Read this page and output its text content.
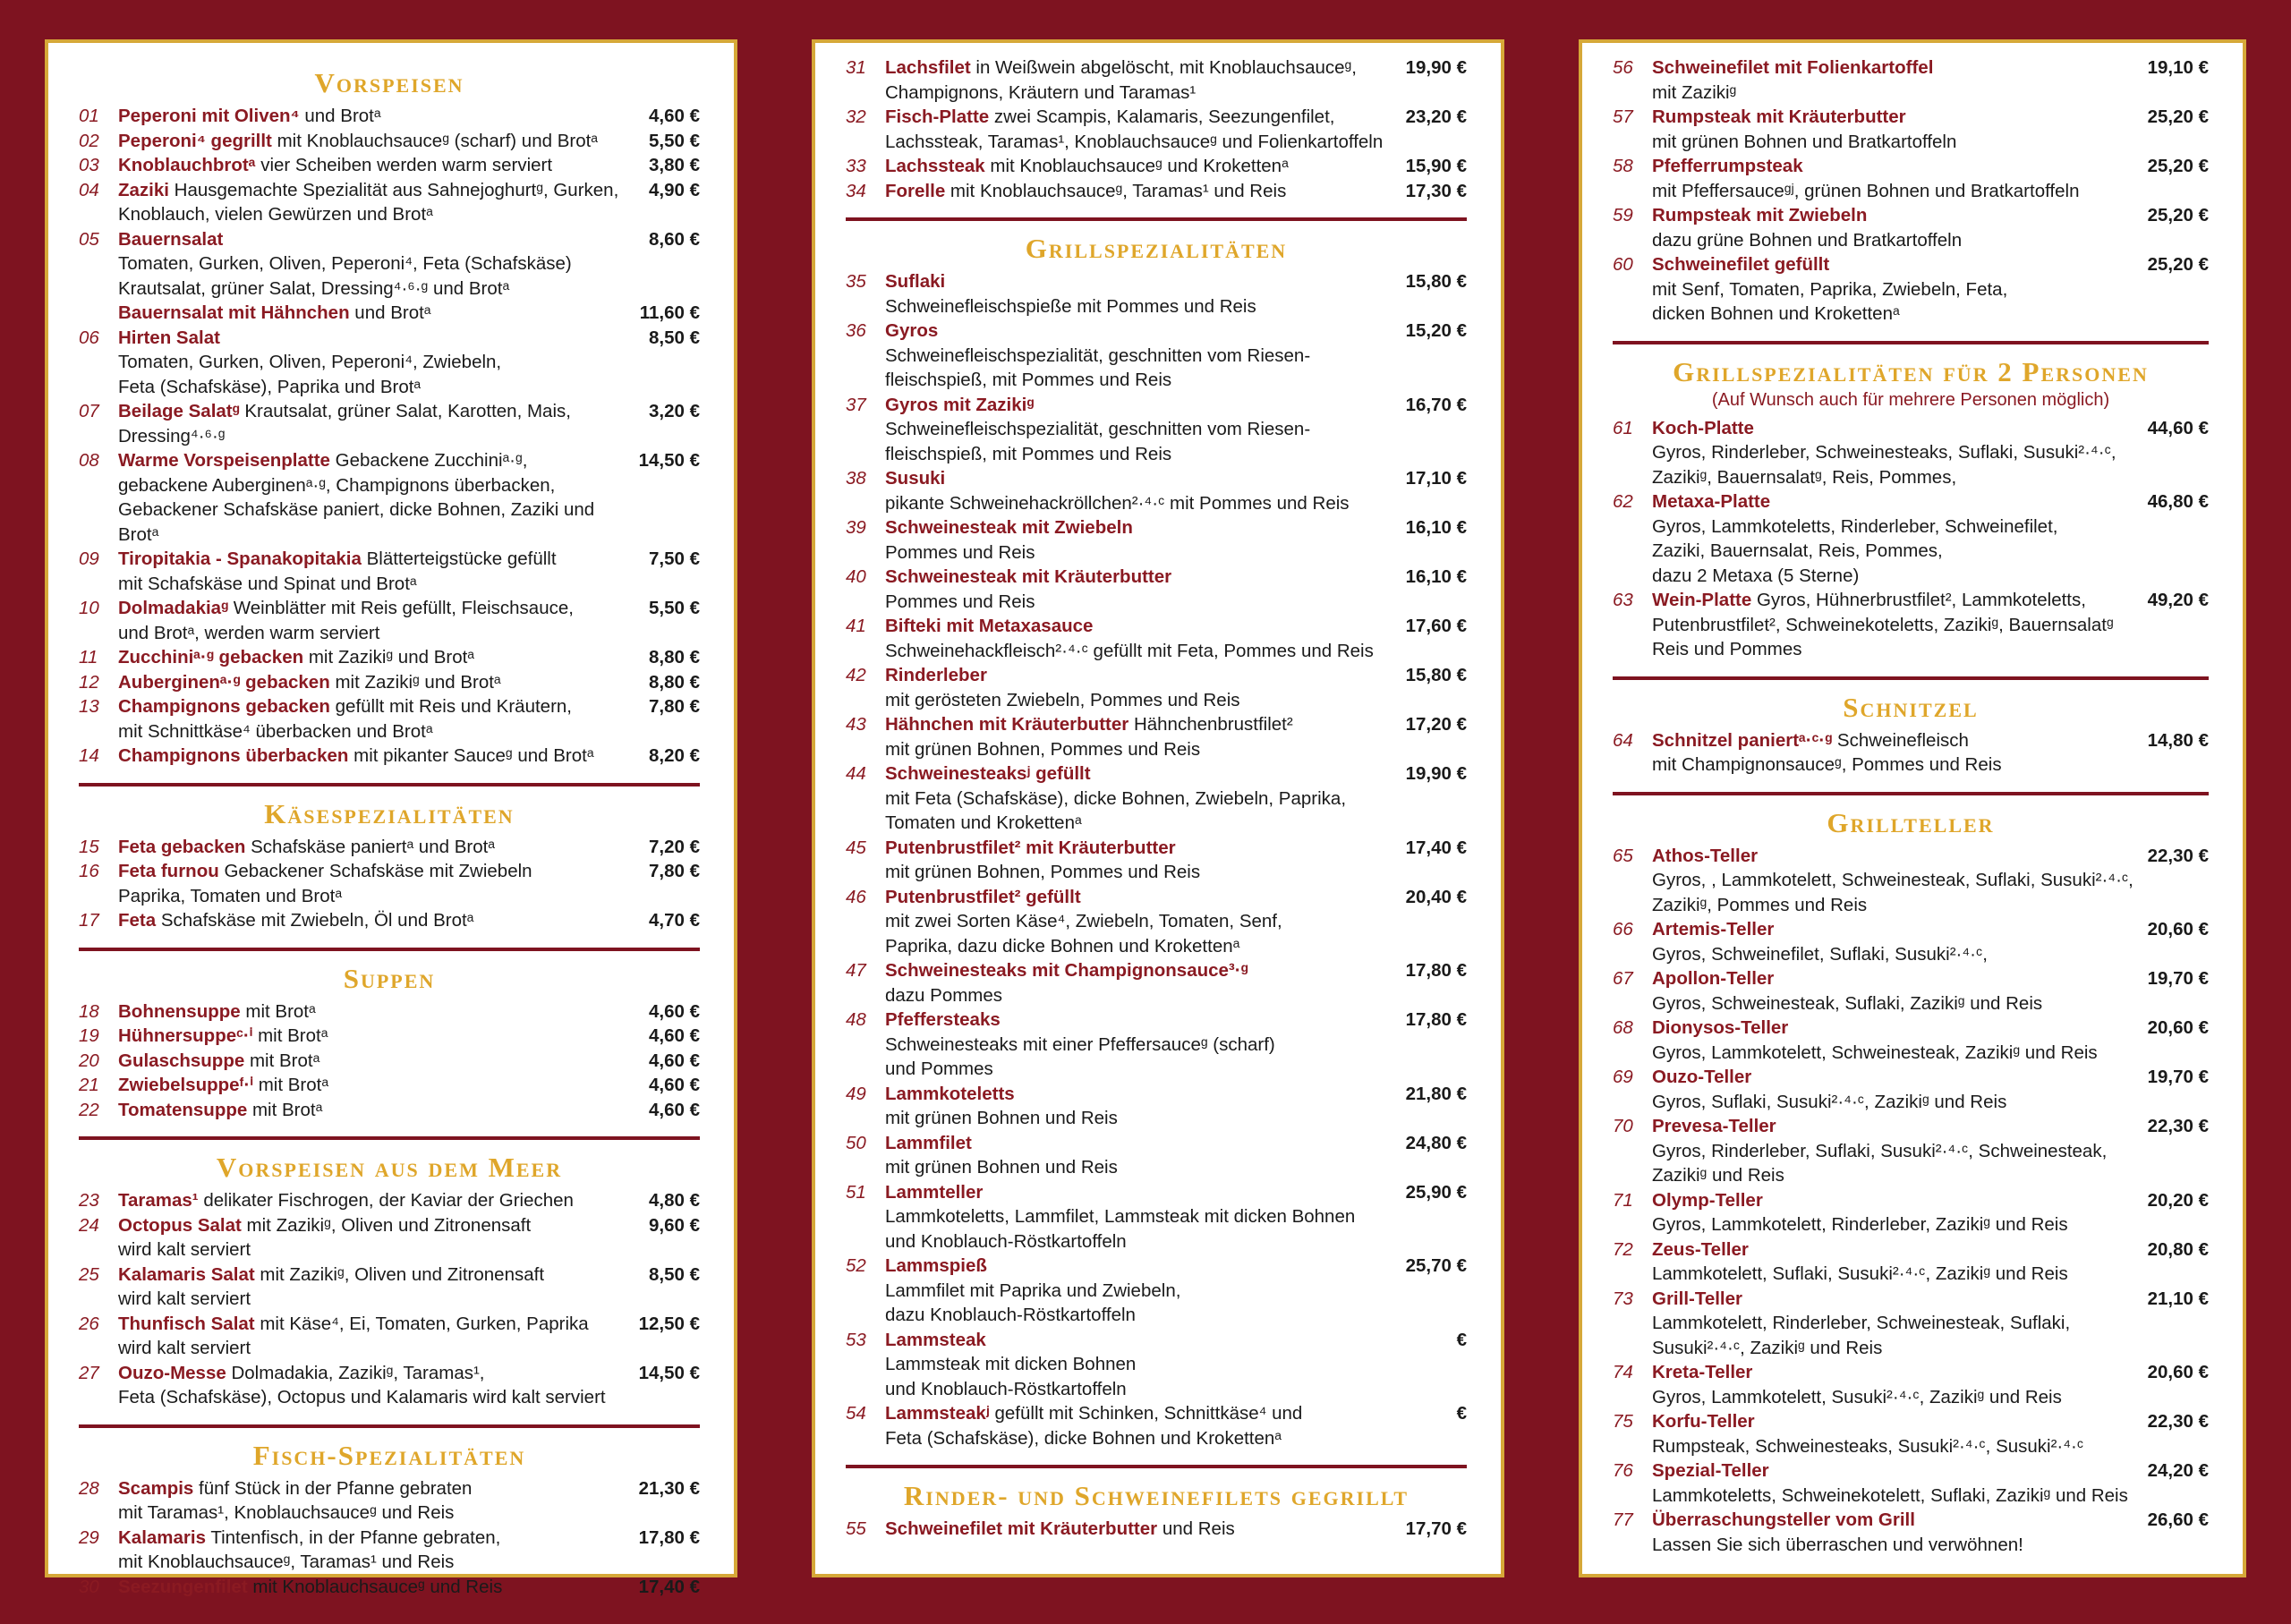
Vorspeisen
01	Peperoni mit Oliven⁴ und Brotᵃ	4,60 €
02	Peperoni⁴ gegrillt mit Knoblauchsauceᵍ (scharf) und Brotᵃ	5,50 €
03	Knoblauchbrotᵃ vier Scheiben werden warm serviert	3,80 €
04	Zaziki Hausgemachte Spezialität aus Sahnejoghurtᵍ, Gurken,
Knoblauch, vielen Gewürzen und Brotᵃ
4,90 €
05	Bauernsalat
Tomaten, Gurken, Oliven, Peperoni⁴, Feta (Schafskäse)
Krautsalat, grüner Salat, Dressing⁴·⁶·ᵍ und Brotᵃ
8,60 €
Bauernsalat mit Hähnchen und Brotᵃ	11,60 €
06	Hirten Salat
Tomaten, Gurken, Oliven, Peperoni⁴, Zwiebeln,
Feta (Schafskäse), Paprika und Brotᵃ
8,50 €
07	Beilage Salatᵍ Krautsalat, grüner Salat, Karotten, Mais,
Dressing⁴·⁶·ᵍ
3,20 €
08	Warme Vorspeisenplatte Gebackene Zucchiniᵃ·ᵍ,
gebackene Auberginenᵃ·ᵍ, Champignons überbacken,
Gebackener Schafskäse paniert, dicke Bohnen, Zaziki und Brotᵃ
14,50 €
09	Tiropitakia - Spanakopitakia Blätterteigstücke gefüllt
mit Schafskäse und Spinat und Brotᵃ
7,50 €
10	Dolmadakiaᵍ Weinblätter mit Reis gefüllt, Fleischsauce,
und Brotᵃ, werden warm serviert
5,50 €
11	Zucchiniᵃ·ᵍ gebacken mit Zazikiᵍ und Brotᵃ	8,80 €
12	Auberginenᵃ·ᵍ gebacken mit Zazikiᵍ und Brotᵃ	8,80 €
13	Champignons gebacken gefüllt mit Reis und Kräutern,
mit Schnittkäse⁴ überbacken und Brotᵃ
7,80 €
14	Champignons überbacken mit pikanter Sauceᵍ und Brotᵃ	8,20 €
Käsespezialitäten
15	Feta gebacken Schafskäse paniertᵃ und Brotᵃ	7,20 €
16	Feta furnou Gebackener Schafskäse mit Zwiebeln
Paprika, Tomaten und Brotᵃ
7,80 €
17	Feta Schafskäse mit Zwiebeln, Öl und Brotᵃ	4,70 €
Suppen
18	Bohnensuppe mit Brotᵃ	4,60 €
19	Hühnersuppeᶜ·ⁱ mit Brotᵃ	4,60 €
20	Gulaschsuppe mit Brotᵃ	4,60 €
21	Zwiebelsuppeᶠ·ⁱ mit Brotᵃ	4,60 €
22	Tomatensuppe mit Brotᵃ	4,60 €
Vorspeisen aus dem Meer
23	Taramas¹ delikater Fischrogen, der Kaviar der Griechen	4,80 €
24	Octopus Salat mit Zazikiᵍ, Oliven und Zitronensaft
wird kalt serviert
9,60 €
25	Kalamaris Salat mit Zazikiᵍ, Oliven und Zitronensaft
wird kalt serviert
8,50 €
26	Thunfisch Salat mit Käse⁴, Ei, Tomaten, Gurken, Paprika
wird kalt serviert
12,50 €
27	Ouzo-Messe Dolmadakia, Zazikiᵍ, Taramas¹,
Feta (Schafskäse), Octopus und Kalamaris wird kalt serviert
14,50 €
Fisch-Spezialitäten
28	Scampis fünf Stück in der Pfanne gebraten
mit Taramas¹, Knoblauchsauceᵍ und Reis
21,30 €
29	Kalamaris Tintenfisch, in der Pfanne gebraten,
mit Knoblauchsauceᵍ, Taramas¹ und Reis
17,80 €
30	Seezungenfilet mit Knoblauchsauceᵍ und Reis	17,40 €
31	Lachsfilet in Weißwein abgelöscht, mit Knoblauchsauceᵍ,
Champignons, Kräutern und Taramas¹
19,90 €
32	Fisch-Platte zwei Scampis, Kalamaris, Seezungenfilet,
Lachssteak, Taramas¹, Knoblauchsauceᵍ und Folienkartoffeln
23,20 €
33	Lachssteak mit Knoblauchsauceᵍ und Krokettenᵃ	15,90 €
34	Forelle mit Knoblauchsauceᵍ, Taramas¹ und Reis	17,30 €
Grillspezialitäten
35	Suflaki
Schweinefleischspieße mit Pommes und Reis
15,80 €
36	Gyros
Schweinefleischspezialität, geschnitten vom Riesen-
fleischspieß, mit Pommes und Reis
15,20 €
37	Gyros mit Zazikiᵍ
Schweinefleischspezialität, geschnitten vom Riesen-
fleischspieß, mit Pommes und Reis
16,70 €
38	Susuki
pikante Schweinehackröllchen²·⁴·ᶜ mit Pommes und Reis
17,10 €
39	Schweinesteak mit Zwiebeln
Pommes und Reis
16,10 €
40	Schweinesteak mit Kräuterbutter
Pommes und Reis
16,10 €
41	Bifteki mit Metaxasauce
Schweinehackfleisch²·⁴·ᶜ gefüllt mit Feta, Pommes und Reis
17,60 €
42	Rinderleber
mit gerösteten Zwiebeln, Pommes und Reis
15,80 €
43	Hähnchen mit Kräuterbutter Hähnchenbrustfilet²
mit grünen Bohnen, Pommes und Reis
17,20 €
44	Schweinesteaksʲ gefüllt
mit Feta (Schafskäse), dicke Bohnen, Zwiebeln, Paprika,
Tomaten und Krokettenᵃ
19,90 €
45	Putenbrustfilet² mit Kräuterbutter
mit grünen Bohnen, Pommes und Reis
17,40 €
46	Putenbrustfilet² gefüllt
mit zwei Sorten Käse⁴, Zwiebeln, Tomaten, Senf,
Paprika, dazu dicke Bohnen und Krokettenᵃ
20,40 €
47	Schweinesteaks mit Champignonsauce³·ᵍ
dazu Pommes
17,80 €
48	Pfeffersteaks
Schweinesteaks mit einer Pfeffersauceᵍ (scharf)
und Pommes
17,80 €
49	Lammkoteletts
mit grünen Bohnen und Reis
21,80 €
50	Lammfilet
mit grünen Bohnen und Reis
24,80 €
51	Lammteller
Lammkoteletts, Lammfilet, Lammsteak mit dicken Bohnen
und Knoblauch-Röstkartoffeln
25,90 €
52	Lammspieß
Lammfilet mit Paprika und Zwiebeln,
dazu Knoblauch-Röstkartoffeln
25,70 €
53	Lammsteak
Lammsteak mit dicken Bohnen
und Knoblauch-Röstkartoffeln
€
54	Lammsteakʲ gefüllt mit Schinken, Schnittkäse⁴ und
Feta (Schafskäse), dicke Bohnen und Krokettenᵃ
€
Rinder- und Schweinefilets gegrillt
55	Schweinefilet mit Kräuterbutter und Reis	17,70 €
56	Schweinefilet mit Folienkartoffel
mit Zazikiᵍ
19,10 €
57	Rumpsteak mit Kräuterbutter
mit grünen Bohnen und Bratkartoffeln
25,20 €
58	Pfefferrumpsteak
mit Pfeffersauceᵍʲ, grünen Bohnen und Bratkartoffeln
25,20 €
59	Rumpsteak mit Zwiebeln
dazu grüne Bohnen und Bratkartoffeln
25,20 €
60	Schweinefilet gefüllt
mit Senf, Tomaten, Paprika, Zwiebeln, Feta,
dicken Bohnen und Krokettenᵃ
25,20 €
Grillspezialitäten für 2 Personen
(Auf Wunsch auch für mehrere Personen möglich)
61	Koch-Platte
Gyros, Rinderleber, Schweinesteaks, Suflaki, Susuki²·⁴·ᶜ,
Zazikiᵍ, Bauernsalatᵍ, Reis, Pommes,
44,60 €
62	Metaxa-Platte
Gyros, Lammkoteletts, Rinderleber, Schweinefilet,
Zaziki, Bauernsalat, Reis, Pommes,
dazu 2 Metaxa (5 Sterne)
46,80 €
63	Wein-Platte Gyros, Hühnerbrustfilet², Lammkoteletts,
Putenbrustfilet², Schweinekoteletts, Zazikiᵍ, Bauernsalatᵍ
Reis und Pommes
49,20 €
Schnitzel
64	Schnitzel paniertᵃ·ᶜ·ᵍ Schweinefleisch
mit Champignonsauceᵍ, Pommes und Reis
14,80 €
Grillteller
65	Athos-Teller
Gyros, , Lammkotelett, Schweinesteak, Suflaki, Susuki²·⁴·ᶜ,
Zazikiᵍ, Pommes und Reis
22,30 €
66	Artemis-Teller
Gyros, Schweinefilet, Suflaki, Susuki²·⁴·ᶜ,
20,60 €
67	Apollon-Teller
Gyros, Schweinesteak, Suflaki, Zazikiᵍ und Reis
19,70 €
68	Dionysos-Teller
Gyros, Lammkotelett, Schweinesteak, Zazikiᵍ und Reis
20,60 €
69	Ouzo-Teller
Gyros, Suflaki, Susuki²·⁴·ᶜ, Zazikiᵍ und Reis
19,70 €
70	Prevesa-Teller
Gyros, Rinderleber, Suflaki, Susuki²·⁴·ᶜ, Schweinesteak,
Zazikiᵍ und Reis
22,30 €
71	Olymp-Teller
Gyros, Lammkotelett, Rinderleber, Zazikiᵍ und Reis
20,20 €
72	Zeus-Teller
Lammkotelett, Suflaki, Susuki²·⁴·ᶜ, Zazikiᵍ und Reis
20,80 €
73	Grill-Teller
Lammkotelett, Rinderleber, Schweinesteak, Suflaki,
Susuki²·⁴·ᶜ, Zazikiᵍ und Reis
21,10 €
74	Kreta-Teller
Gyros, Lammkotelett, Susuki²·⁴·ᶜ, Zazikiᵍ und Reis
20,60 €
75	Korfu-Teller
Rumpsteak, Schweinesteaks, Susuki²·⁴·ᶜ, Susuki²·⁴·ᶜ
22,30 €
76	Spezial-Teller
Lammkoteletts, Schweinekotelett, Suflaki, Zazikiᵍ und Reis
24,20 €
77	Überraschungsteller vom Grill
Lassen Sie sich überraschen und verwöhnen!
26,60 €
